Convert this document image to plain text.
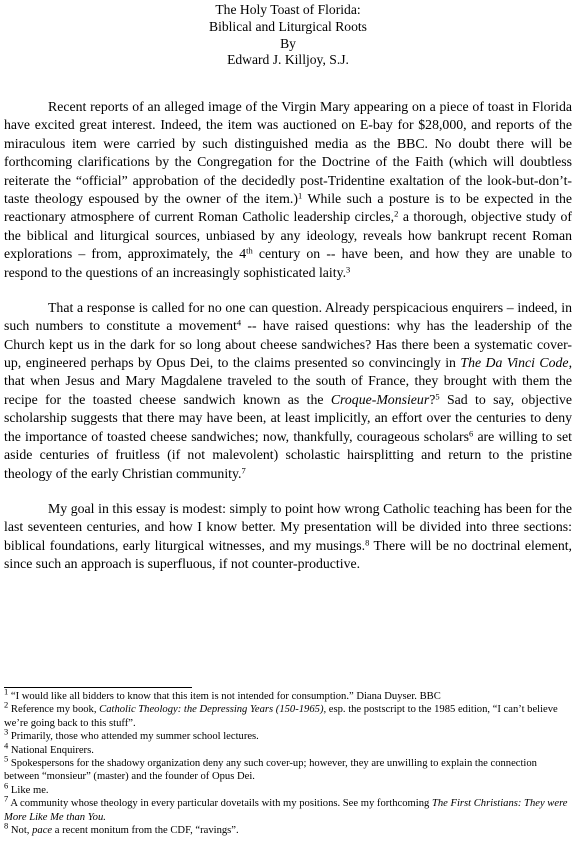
The Holy Toast of Florida:
Biblical and Liturgical Roots
By
Edward J. Killjoy, S.J.

Recent reports of an alleged image of the Virgin Mary appearing on a piece of toast in Florida have excited great interest. Indeed, the item was auctioned on E-bay for $28,000, and reports of the miraculous item were carried by such distinguished media as the BBC. No doubt there will be forthcoming clarifications by the Congregation for the Doctrine of the Faith (which will doubtless reiterate the “official” approbation of the decidedly post-Tridentine exaltation of the look-but-don’t-taste theology espoused by the owner of the item.)$^1$ While such a posture is to be expected in the reactionary atmosphere of current Roman Catholic leadership circles,$^2$ a thorough, objective study of the biblical and liturgical sources, unbiased by any ideology, reveals how bankrupt recent Roman explorations – from, approximately, the 4th century on -- have been, and how they are unable to respond to the questions of an increasingly sophisticated laity.$^3$

That a response is called for no one can question. Already perspicacious enquirers – indeed, in such numbers to constitute a movement$^4$ -- have raised questions: why has the leadership of the Church kept us in the dark for so long about cheese sandwiches? Has there been a systematic cover-up, engineered perhaps by Opus Dei, to the claims presented so convincingly in The Da Vinci Code, that when Jesus and Mary Magdalene traveled to the south of France, they brought with them the recipe for the toasted cheese sandwich known as the Croque-Monsieur?$^5$ Sad to say, objective scholarship suggests that there may have been, at least implicitly, an effort over the centuries to deny the importance of toasted cheese sandwiches; now, thankfully, courageous scholars$^6$ are willing to set aside centuries of fruitless (if not malevolent) scholastic hairsplitting and return to the pristine theology of the early Christian community.$^7$

My goal in this essay is modest: simply to point how wrong Catholic teaching has been for the last seventeen centuries, and how I know better. My presentation will be divided into three sections: biblical foundations, early liturgical witnesses, and my musings.$^8$ There will be no doctrinal element, since such an approach is superfluous, if not counter-productive.

$^1$ “I would like all bidders to know that this item is not intended for consumption.” Diana Duyser. BBC
$^2$ Reference my book, Catholic Theology: the Depressing Years (150-1965), esp. the postscript to the 1985 edition, “I can’t believe we’re going back to this stuff”.
$^3$ Primarily, those who attended my summer school lectures.
$^4$ National Enquirers.
$^5$ Spokespersons for the shadowy organization deny any such cover-up; however, they are unwilling to explain the connection between “monsieur” (master) and the founder of Opus Dei.
$^6$ Like me.
$^7$ A community whose theology in every particular dovetails with my positions. See my forthcoming The First Christians: They were More Like Me than You.
$^8$ Not, pace a recent monitum from the CDF, “ravings”.
